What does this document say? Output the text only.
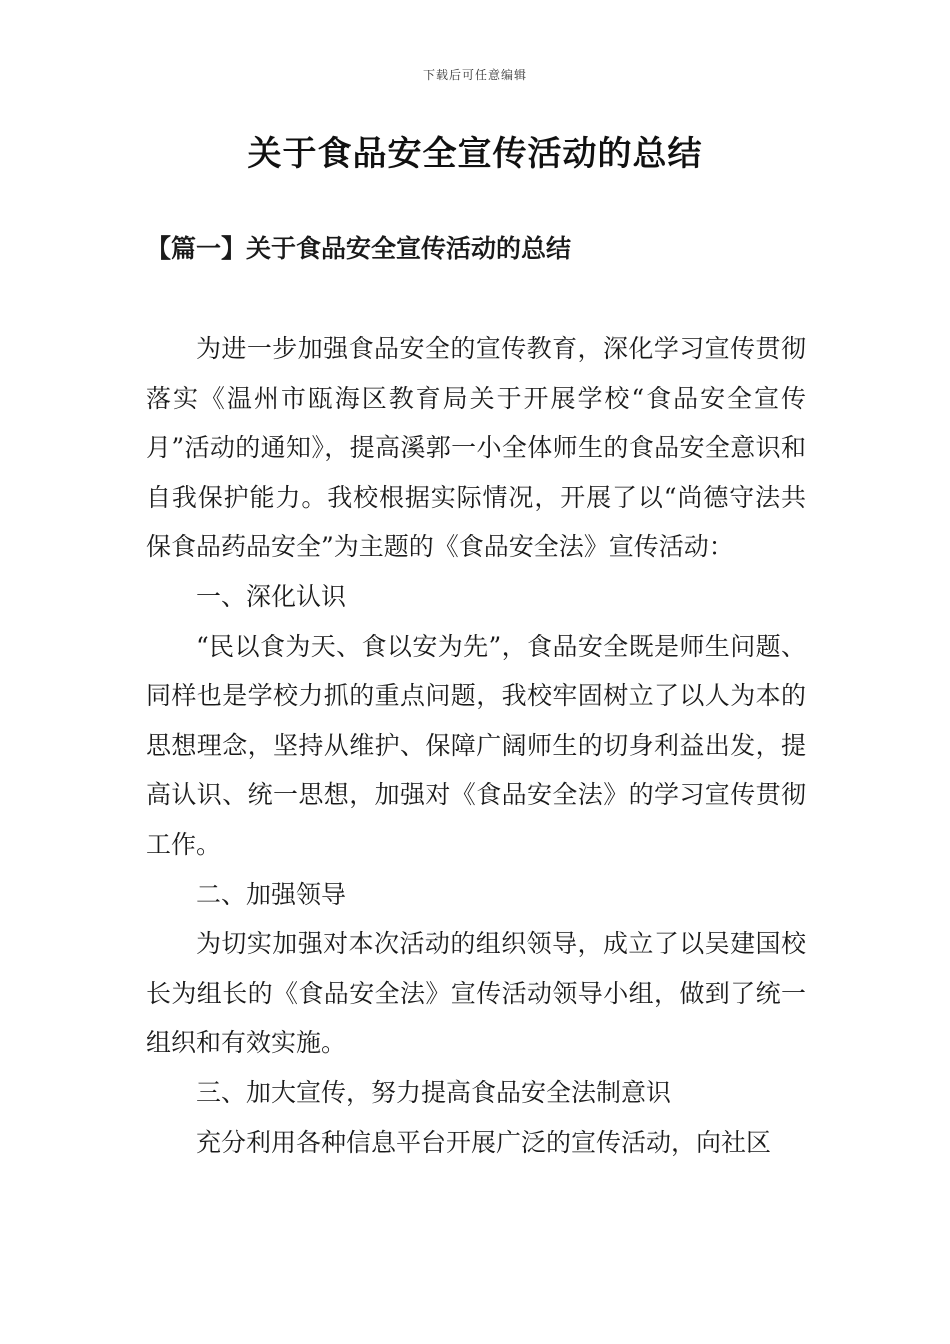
下载后可任意编辑
关于食品安全宣传活动的总结
【篇一】关于食品安全宣传活动的总结

为进一步加强食品安全的宣传教育，深化学习宣传贯彻落实《温州市瓯海区教育局关于开展学校“食品安全宣传月”活动的通知》，提高溪郭一小全体师生的食品安全意识和自我保护能力。我校根据实际情况，开展了以“尚德守法共保食品药品安全”为主题的《食品安全法》宣传活动：

一、深化认识

“民以食为天、食以安为先”，食品安全既是师生问题、同样也是学校力抓的重点问题，我校牢固树立了以人为本的思想理念，坚持从维护、保障广阔师生的切身利益出发，提高认识、统一思想，加强对《食品安全法》的学习宣传贯彻工作。

二、加强领导

为切实加强对本次活动的组织领导，成立了以吴建国校长为组长的《食品安全法》宣传活动领导小组，做到了统一组织和有效实施。

三、加大宣传，努力提高食品安全法制意识

充分利用各种信息平台开展广泛的宣传活动，向社区
